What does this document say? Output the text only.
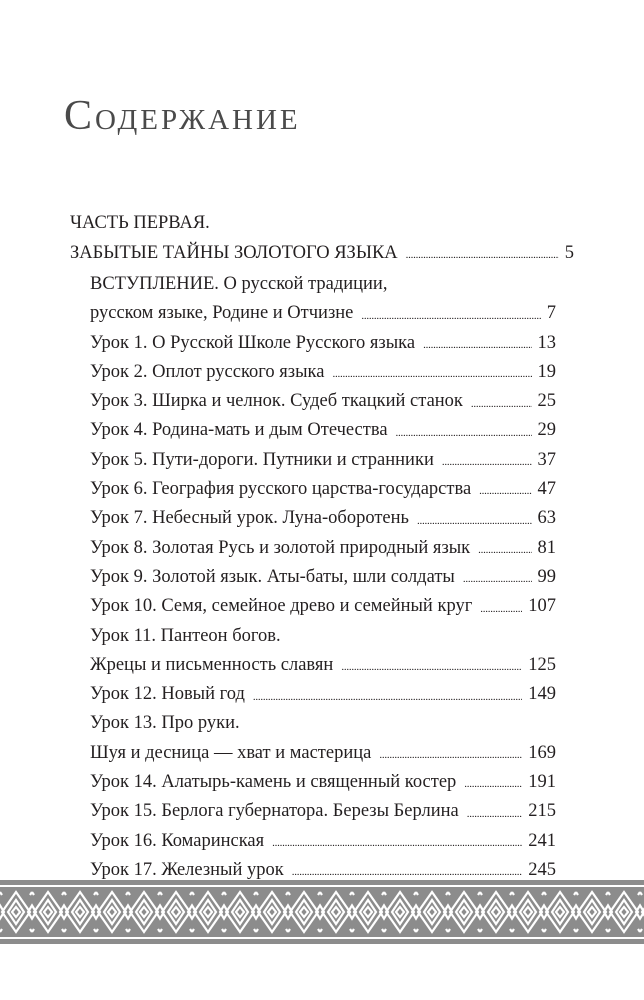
Содержание
ЧАСТЬ ПЕРВАЯ.
ЗАБЫТЫЕ ТАЙНЫ ЗОЛОТОГО ЯЗЫКА . . .	5
ВСТУПЛЕНИЕ. О русской традиции,
русском языке, Родине и Отчизне . . .	7
Урок 1. О Русской Школе Русского языка . . .	13
Урок 2. Оплот русского языка . . .	19
Урок 3. Ширка и челнок. Судеб ткацкий станок . . .	25
Урок 4. Родина-мать и дым Отечества . . .	29
Урок 5. Пути-дороги. Путники и странники . . .	37
Урок 6. География русского царства-государства . . .	47
Урок 7. Небесный урок. Луна-оборотень . . .	63
Урок 8. Золотая Русь и золотой природный язык . . .	81
Урок 9. Золотой язык. Аты-баты, шли солдаты . . .	99
Урок 10. Семя, семейное древо и семейный круг . . .	107
Урок 11. Пантеон богов.
Жрецы и письменность славян . . .	125
Урок 12. Новый год . . .	149
Урок 13. Про руки.
Шуя и десница — хват и мастерица . . .	169
Урок 14. Алатырь-камень и священный костер . . .	191
Урок 15. Берлога губернатора. Березы Берлина . . .	215
Урок 16. Комаринская . . .	241
Урок 17. Железный урок . . .	245
